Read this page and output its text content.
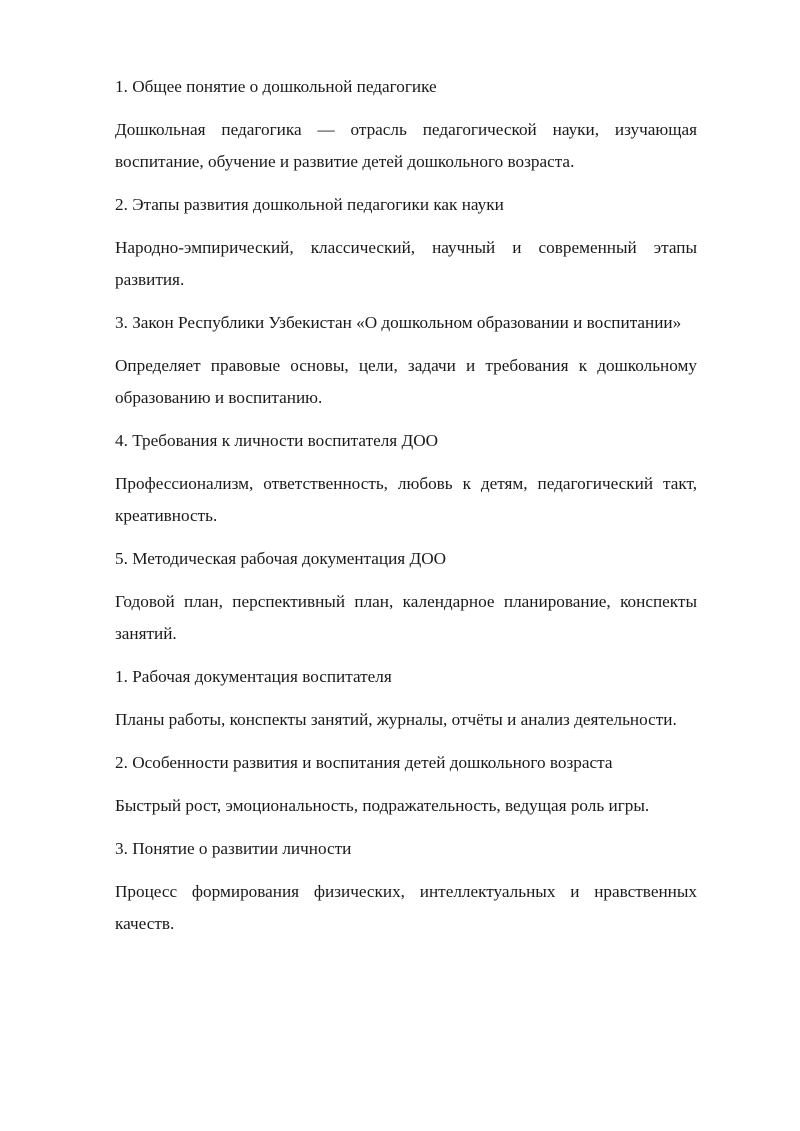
1. Общее понятие о дошкольной педагогике

Дошкольная педагогика — отрасль педагогической науки, изучающая воспитание, обучение и развитие детей дошкольного возраста.

2. Этапы развития дошкольной педагогики как науки

Народно-эмпирический, классический, научный и современный этапы развития.

3. Закон Республики Узбекистан «О дошкольном образовании и воспитании»

Определяет правовые основы, цели, задачи и требования к дошкольному образованию и воспитанию.

4. Требования к личности воспитателя ДОО

Профессионализм, ответственность, любовь к детям, педагогический такт, креативность.

5. Методическая рабочая документация ДОО

Годовой план, перспективный план, календарное планирование, конспекты занятий.

1. Рабочая документация воспитателя

Планы работы, конспекты занятий, журналы, отчёты и анализ деятельности.

2. Особенности развития и воспитания детей дошкольного возраста

Быстрый рост, эмоциональность, подражательность, ведущая роль игры.

3. Понятие о развитии личности

Процесс формирования физических, интеллектуальных и нравственных качеств.
